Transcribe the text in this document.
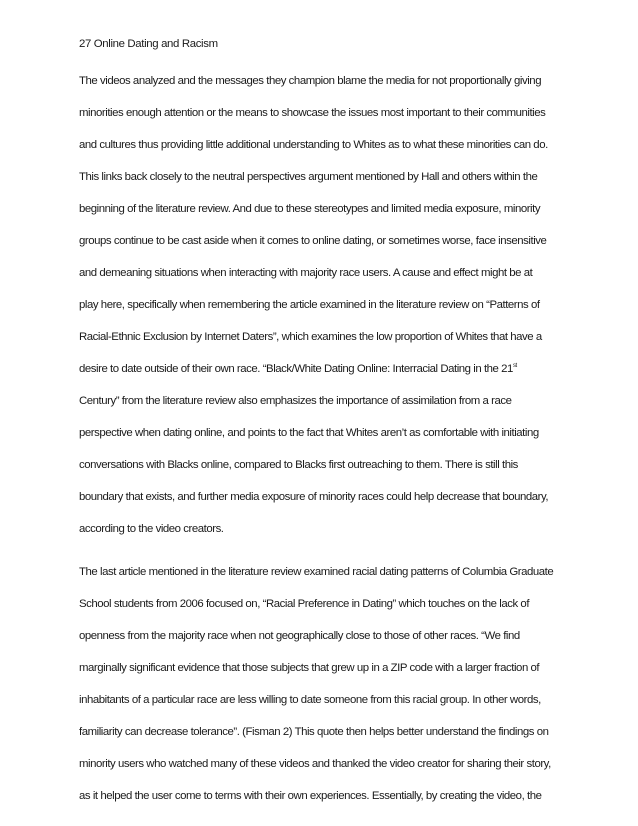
27 Online Dating and Racism
The videos analyzed and the messages they champion blame the media for not proportionally giving
minorities enough attention or the means to showcase the issues most important to their communities
and cultures thus providing little additional understanding to Whites as to what these minorities can do.
This links back closely to the neutral perspectives argument mentioned by Hall and others within the
beginning of the literature review. And due to these stereotypes and limited media exposure, minority
groups continue to be cast aside when it comes to online dating, or sometimes worse, face insensitive
and demeaning situations when interacting with majority race users. A cause and effect might be at
play here, specifically when remembering the article examined in the literature review on “Patterns of
Racial-Ethnic Exclusion by Internet Daters”, which examines the low proportion of Whites that have a
desire to date outside of their own race. “Black/White Dating Online: Interracial Dating in the 21st
Century” from the literature review also emphasizes the importance of assimilation from a race
perspective when dating online, and points to the fact that Whites aren’t as comfortable with initiating
conversations with Blacks online, compared to Blacks first outreaching to them. There is still this
boundary that exists, and further media exposure of minority races could help decrease that boundary,
according to the video creators.
The last article mentioned in the literature review examined racial dating patterns of Columbia Graduate
School students from 2006 focused on, “Racial Preference in Dating” which touches on the lack of
openness from the majority race when not geographically close to those of other races. “We find
marginally significant evidence that those subjects that grew up in a ZIP code with a larger fraction of
inhabitants of a particular race are less willing to date someone from this racial group. In other words,
familiarity can decrease tolerance”. (Fisman 2) This quote then helps better understand the findings on
minority users who watched many of these videos and thanked the video creator for sharing their story,
as it helped the user come to terms with their own experiences. Essentially, by creating the video, the
